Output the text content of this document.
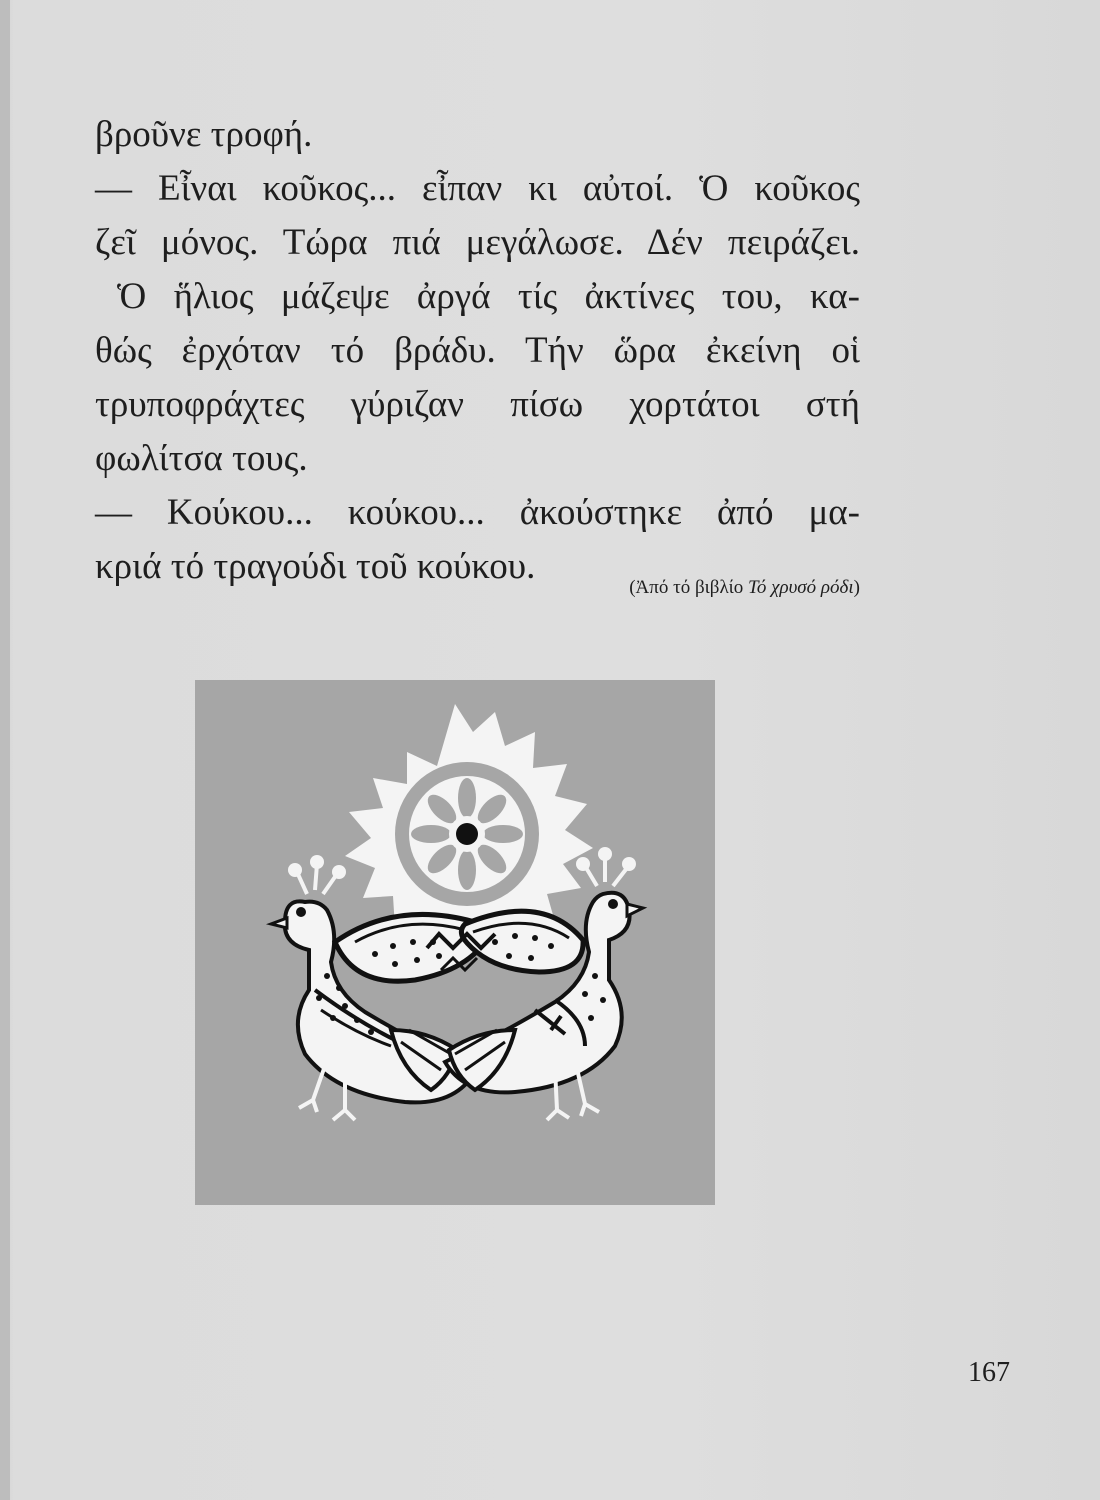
βροῦνε τροφή.
— Εἶναι κοῦκος... εἶπαν κι αὐτοί. Ὁ κοῦκος
ζεῖ μόνος. Τώρα πιά μεγάλωσε. Δέν πειράζει.
Ὁ ἥλιος μάζεψε ἀργά τίς ἀκτίνες του, κα-
θώς ἐρχόταν τό βράδυ. Τήν ὥρα ἐκείνη οἱ
τρυποφράχτες γύριζαν πίσω χορτάτοι στή
φωλίτσα τους.
— Κούκου... κούκου... ἀκούστηκε ἀπό μα-
κριά τό τραγούδι τοῦ κούκου.
(Ἀπό τό βιβλίο Τό χρυσό ρόδι)
167
